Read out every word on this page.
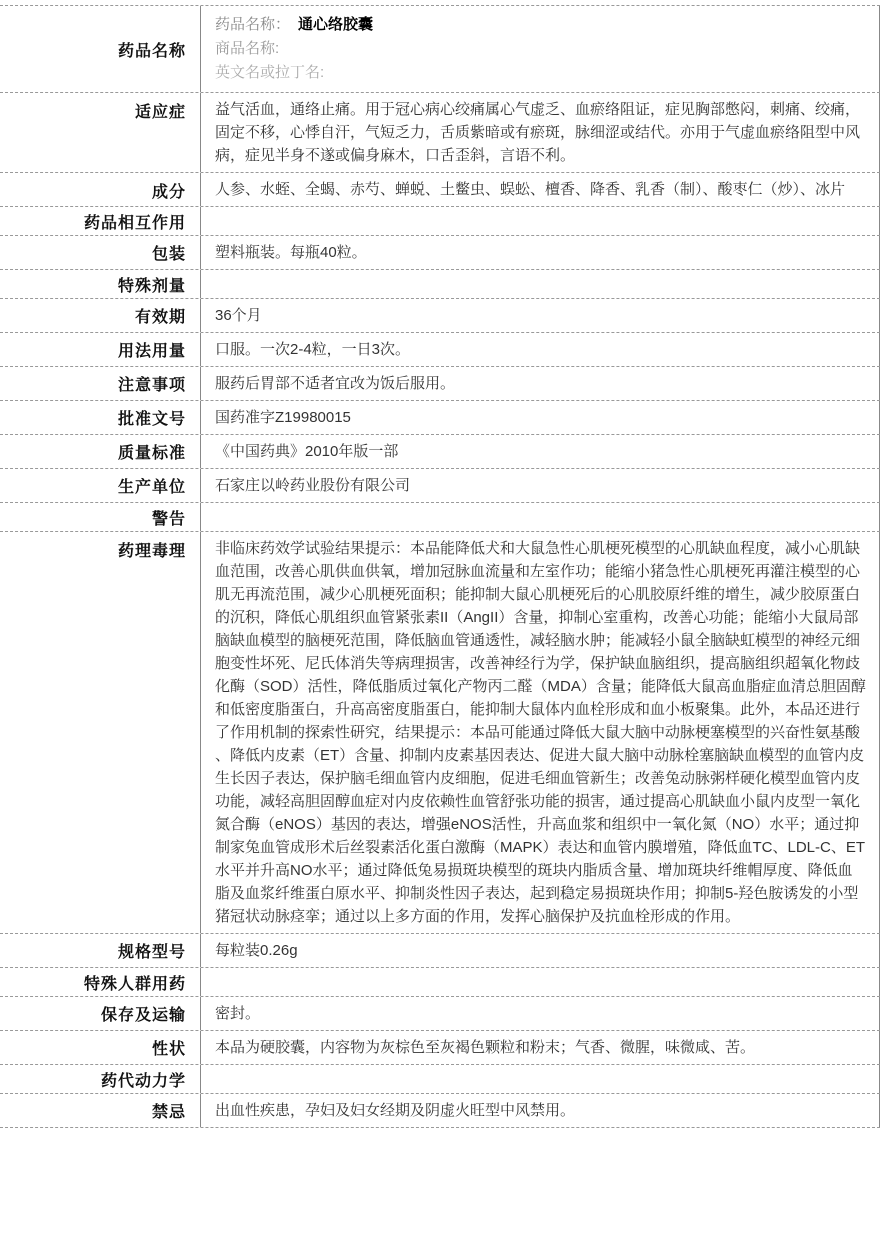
药品名称
药品名称： 通心络胶囊
商品名称:
英文名或拉丁名:
适应症	益气活血，通络止痛。用于冠心病心绞痛属心气虚乏、血瘀络阻证，症见胸部憋闷，刺痛、绞痛，固定不移，心悸自汗，气短乏力，舌质紫暗或有瘀斑，脉细涩或结代。亦用于气虚血瘀络阻型中风病，症见半身不遂或偏身麻木，口舌歪斜，言语不利。
成分	人参、水蛭、全蝎、赤芍、蝉蜕、土鳖虫、蜈蚣、檀香、降香、乳香（制）、酸枣仁（炒）、冰片
药品相互作用
包装	塑料瓶装。每瓶40粒。
特殊剂量
有效期	36个月
用法用量	口服。一次2-4粒，一日3次。
注意事项	服药后胃部不适者宜改为饭后服用。
批准文号	国药准字Z19980015
质量标准	《中国药典》2010年版一部
生产单位	石家庄以岭药业股份有限公司
警告
药理毒理	非临床药效学试验结果提示：本品能降低犬和大鼠急性心肌梗死模型的心肌缺血程度，减小心肌缺血范围，改善心肌供血供氧，增加冠脉血流量和左室作功；能缩小猪急性心肌梗死再灌注模型的心肌无再流范围，减少心肌梗死面积；能抑制大鼠心肌梗死后的心肌胶原纤维的增生，减少胶原蛋白的沉积，降低心肌组织血管紧张素II（AngII）含量，抑制心室重构，改善心功能；能缩小大鼠局部脑缺血模型的脑梗死范围，降低脑血管通透性，减轻脑水肿；能减轻小鼠全脑缺虹模型的神经元细胞变性坏死、尼氏体消失等病理损害，改善神经行为学，保护缺血脑组织，提高脑组织超氧化物歧化酶（SOD）活性，降低脂质过氧化产物丙二醛（MDA）含量；能降低大鼠高血脂症血清总胆固醇和低密度脂蛋白，升高高密度脂蛋白，能抑制大鼠体内血栓形成和血小板聚集。此外，本品还进行了作用机制的探索性研究，结果提示：本品可能通过降低大鼠大脑中动脉梗塞模型的兴奋性氨基酸、降低内皮素（ET）含量、抑制内皮素基因表达、促进大鼠大脑中动脉栓塞脑缺血模型的血管内皮生长因子表达，保护脑毛细血管内皮细胞，促进毛细血管新生；改善兔动脉粥样硬化模型血管内皮功能，减轻高胆固醇血症对内皮依赖性血管舒张功能的损害，通过提高心肌缺血小鼠内皮型一氧化氮合酶（eNOS）基因的表达，增强eNOS活性，升高血浆和组织中一氧化氮（NO）水平；通过抑制家兔血管成形术后丝裂素活化蛋白激酶（MAPK）表达和血管内膜增殖，降低血TC、LDL-C、ET水平并升高NO水平；通过降低兔易损斑块模型的斑块内脂质含量、增加斑块纤维帽厚度、降低血脂及血浆纤维蛋白原水平、抑制炎性因子表达，起到稳定易损斑块作用；抑制5-羟色胺诱发的小型猪冠状动脉痉挛；通过以上多方面的作用，发挥心脑保护及抗血栓形成的作用。
规格型号	每粒装0.26g
特殊人群用药
保存及运输	密封。
性状	本品为硬胶囊，内容物为灰棕色至灰褐色颗粒和粉末；气香、微腥，味微咸、苦。
药代动力学
禁忌	出血性疾患，孕妇及妇女经期及阴虚火旺型中风禁用。
